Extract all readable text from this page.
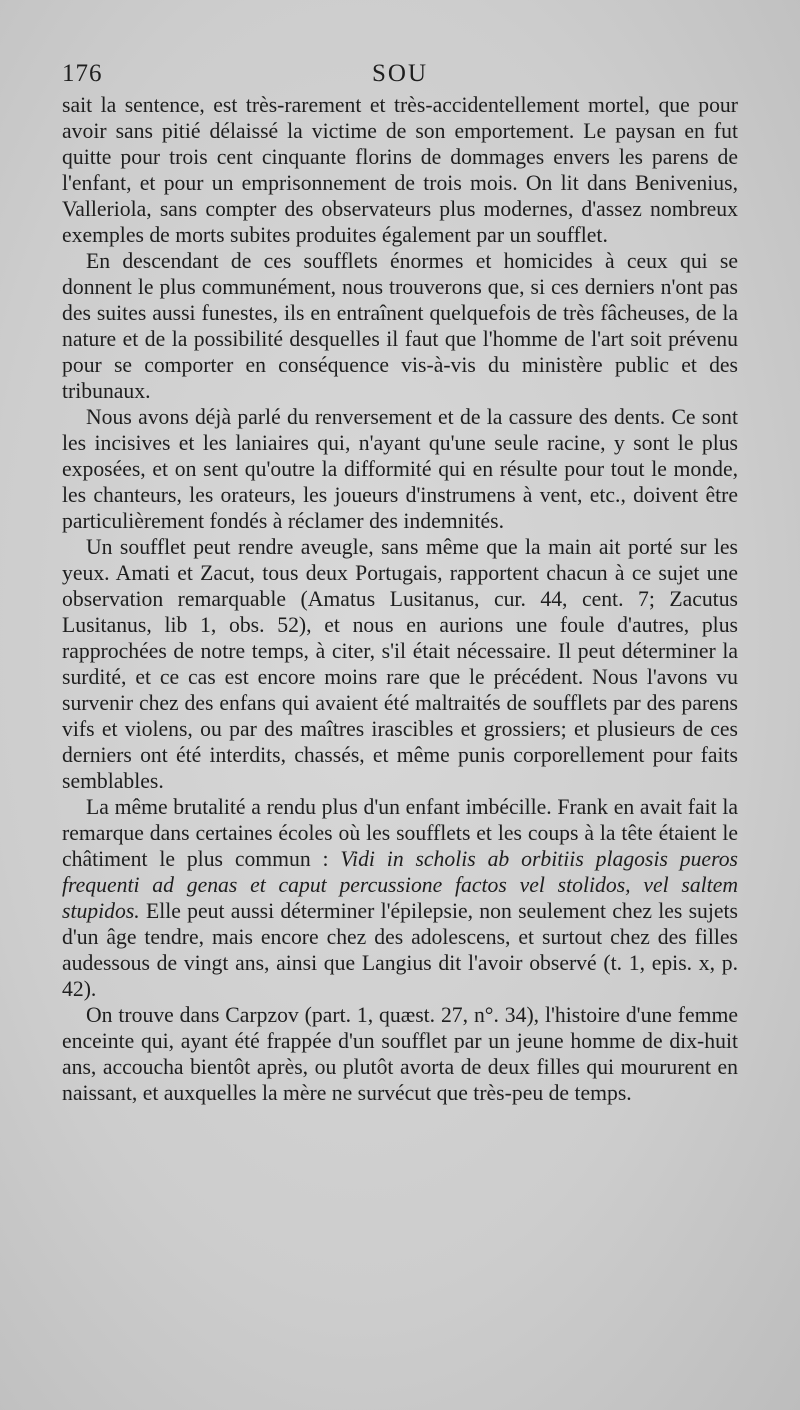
176	SOU

sait la sentence, est très-rarement et très-accidentellement mortel, que pour avoir sans pitié délaissé la victime de son emportement. Le paysan en fut quitte pour trois cent cinquante florins de dommages envers les parens de l'enfant, et pour un emprisonnement de trois mois. On lit dans Benivenius, Valleriola, sans compter des observateurs plus modernes, d'assez nombreux exemples de morts subites produites également par un soufflet.

En descendant de ces soufflets énormes et homicides à ceux qui se donnent le plus communément, nous trouverons que, si ces derniers n'ont pas des suites aussi funestes, ils en entraînent quelquefois de très fâcheuses, de la nature et de la possibilité desquelles il faut que l'homme de l'art soit prévenu pour se comporter en conséquence vis-à-vis du ministère public et des tribunaux.

Nous avons déjà parlé du renversement et de la cassure des dents. Ce sont les incisives et les laniaires qui, n'ayant qu'une seule racine, y sont le plus exposées, et on sent qu'outre la difformité qui en résulte pour tout le monde, les chanteurs, les orateurs, les joueurs d'instrumens à vent, etc., doivent être particulièrement fondés à réclamer des indemnités.

Un soufflet peut rendre aveugle, sans même que la main ait porté sur les yeux. Amati et Zacut, tous deux Portugais, rapportent chacun à ce sujet une observation remarquable (Amatus Lusitanus, cur. 44, cent. 7; Zacutus Lusitanus, lib 1, obs. 52), et nous en aurions une foule d'autres, plus rapprochées de notre temps, à citer, s'il était nécessaire. Il peut déterminer la surdité, et ce cas est encore moins rare que le précédent. Nous l'avons vu survenir chez des enfans qui avaient été maltraités de soufflets par des parens vifs et violens, ou par des maîtres irascibles et grossiers; et plusieurs de ces derniers ont été interdits, chassés, et même punis corporellement pour faits semblables.

La même brutalité a rendu plus d'un enfant imbécille. Frank en avait fait la remarque dans certaines écoles où les soufflets et les coups à la tête étaient le châtiment le plus commun : Vidi in scholis ab orbitiis plagosis pueros frequenti ad genas et caput percussione factos vel stolidos, vel saltem stupidos. Elle peut aussi déterminer l'épilepsie, non seulement chez les sujets d'un âge tendre, mais encore chez des adolescens, et surtout chez des filles audessous de vingt ans, ainsi que Langius dit l'avoir observé (t. 1, epis. x, p. 42).

On trouve dans Carpzov (part. 1, quæst. 27, n°. 34), l'histoire d'une femme enceinte qui, ayant été frappée d'un soufflet par un jeune homme de dix-huit ans, accoucha bientôt après, ou plutôt avorta de deux filles qui moururent en naissant, et auxquelles la mère ne survécut que très-peu de temps.
